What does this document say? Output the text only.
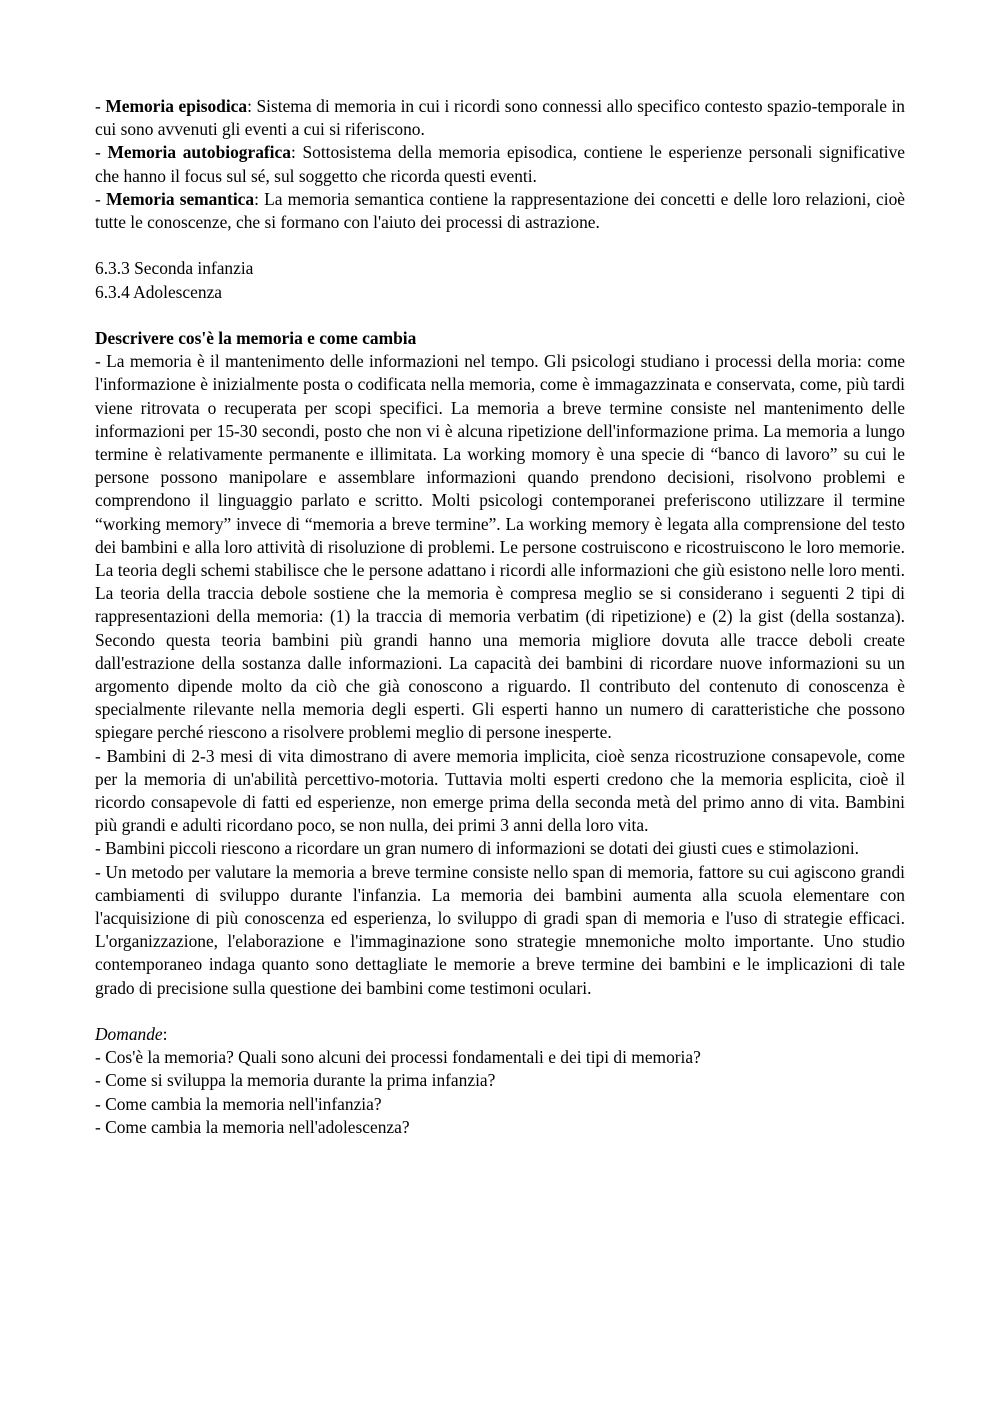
- Memoria episodica: Sistema di memoria in cui i ricordi sono connessi allo specifico contesto spazio-temporale in cui sono avvenuti gli eventi a cui si riferiscono.

- Memoria autobiografica: Sottosistema della memoria episodica, contiene le esperienze personali significative che hanno il focus sul sé, sul soggetto che ricorda questi eventi.

- Memoria semantica: La memoria semantica contiene la rappresentazione dei concetti e delle loro relazioni, cioè tutte le conoscenze, che si formano con l'aiuto dei processi di astrazione.

6.3.3 Seconda infanzia

6.3.4 Adolescenza

Descrivere cos'è la memoria e come cambia

- La memoria è il mantenimento delle informazioni nel tempo. Gli psicologi studiano i processi della moria: come l'informazione è inizialmente posta o codificata nella memoria, come è immagazzinata e conservata, come, più tardi viene ritrovata o recuperata per scopi specifici. La memoria a breve termine consiste nel mantenimento delle informazioni per 15-30 secondi, posto che non vi è alcuna ripetizione dell'informazione prima. La memoria a lungo termine è relativamente permanente e illimitata. La working momory è una specie di “banco di lavoro” su cui le persone possono manipolare e assemblare informazioni quando prendono decisioni, risolvono problemi e comprendono il linguaggio parlato e scritto. Molti psicologi contemporanei preferiscono utilizzare il termine “working memory” invece di “memoria a breve termine”. La working memory è legata alla comprensione del testo dei bambini e alla loro attività di risoluzione di problemi. Le persone costruiscono e ricostruiscono le loro memorie. La teoria degli schemi stabilisce che le persone adattano i ricordi alle informazioni che giù esistono nelle loro menti. La teoria della traccia debole sostiene che la memoria è compresa meglio se si considerano i seguenti 2 tipi di rappresentazioni della memoria: (1) la traccia di memoria verbatim (di ripetizione) e (2) la gist (della sostanza). Secondo questa teoria bambini più grandi hanno una memoria migliore dovuta alle tracce deboli create dall'estrazione della sostanza dalle informazioni. La capacità dei bambini di ricordare nuove informazioni su un argomento dipende molto da ciò che già conoscono a riguardo. Il contributo del contenuto di conoscenza è specialmente rilevante nella memoria degli esperti. Gli esperti hanno un numero di caratteristiche che possono spiegare perché riescono a risolvere problemi meglio di persone inesperte.

- Bambini di 2-3 mesi di vita dimostrano di avere memoria implicita, cioè senza ricostruzione consapevole, come per la memoria di un'abilità percettivo-motoria. Tuttavia molti esperti credono che la memoria esplicita, cioè il ricordo consapevole di fatti ed esperienze, non emerge prima della seconda metà del primo anno di vita. Bambini più grandi e adulti ricordano poco, se non nulla, dei primi 3 anni della loro vita.

- Bambini piccoli riescono a ricordare un gran numero di informazioni se dotati dei giusti cues e stimolazioni.

- Un metodo per valutare la memoria a breve termine consiste nello span di memoria, fattore su cui agiscono grandi cambiamenti di sviluppo durante l'infanzia. La memoria dei bambini aumenta alla scuola elementare con l'acquisizione di più conoscenza ed esperienza, lo sviluppo di gradi span di memoria e l'uso di strategie efficaci. L'organizzazione, l'elaborazione e l'immaginazione sono strategie mnemoniche molto importante. Uno studio contemporaneo indaga quanto sono dettagliate le memorie a breve termine dei bambini e le implicazioni di tale grado di precisione sulla questione dei bambini come testimoni oculari.

Domande:

- Cos'è la memoria? Quali sono alcuni dei processi fondamentali e dei tipi di memoria?

- Come si sviluppa la memoria durante la prima infanzia?

- Come cambia la memoria nell'infanzia?

- Come cambia la memoria nell'adolescenza?
